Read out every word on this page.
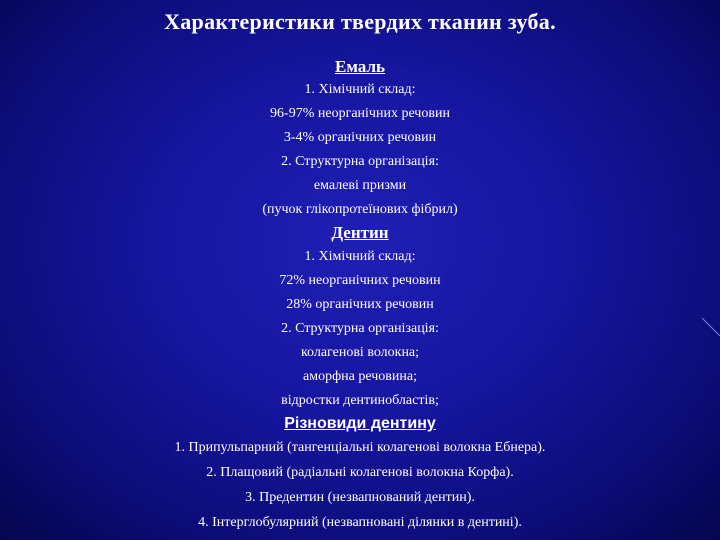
Характеристики твердих тканин зуба.
Емаль
1. Хімічний склад:
96-97% неорганічних речовин
3-4% органічних речовин
2. Структурна організація:
емалеві призми
(пучок глікопротеїнових фібрил)
Дентин
1. Хімічний склад:
72% неорганічних речовин
28% органічних речовин
2. Структурна організація:
колагенові волокна;
аморфна речовина;
відростки дентинобластів;
Різновиди дентину
1. Припульпарний (тангенціальні колагенові волокна Ебнера).
2. Плащовий (радіальні колагенові волокна Корфа).
3. Предентин (незвапнований дентин).
4. Інтерглобулярний (незвапновані ділянки в дентині).
